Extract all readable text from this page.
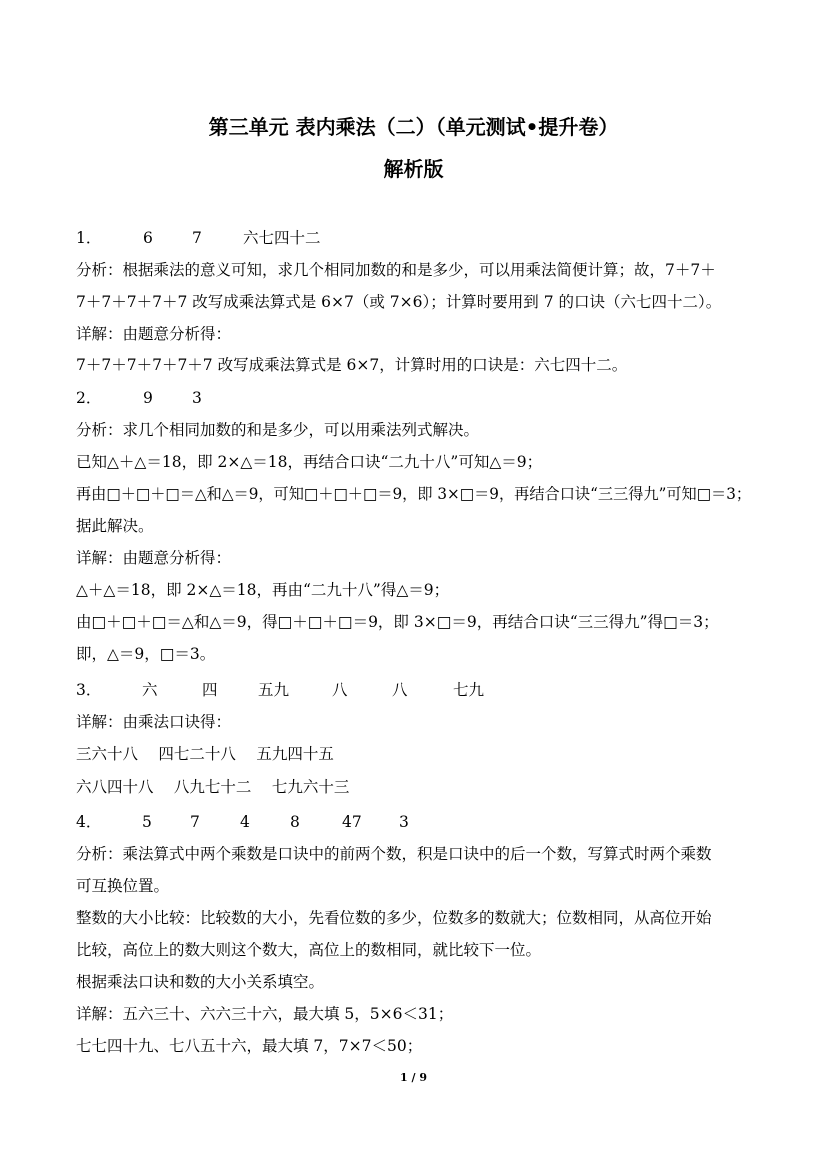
第三单元 表内乘法（二）（单元测试•提升卷）
解析版
1．	6	7	六七四十二

分析：根据乘法的意义可知，求几个相同加数的和是多少，可以用乘法简便计算；故，7＋7＋

7＋7＋7＋7＋7 改写成乘法算式是 6×7（或 7×6）；计算时要用到 7 的口诀（六七四十二）。

详解：由题意分析得：

7＋7＋7＋7＋7＋7 改写成乘法算式是 6×7，计算时用的口诀是：六七四十二。

2．	9	3

分析：求几个相同加数的和是多少，可以用乘法列式解决。

已知△＋△＝18，即 2×△＝18，再结合口诀“二九十八”可知△＝9；

再由□＋□＋□＝△和△＝9，可知□＋□＋□＝9，即 3×□＝9，再结合口诀“三三得九”可知□＝3；

据此解决。

详解：由题意分析得：

△＋△＝18，即 2×△＝18，再由“二九十八”得△＝9；

由□＋□＋□＝△和△＝9，得□＋□＋□＝9，即 3×□＝9，再结合口诀“三三得九”得□＝3；

即，△＝9，□＝3。

3．	六	四	五九	八	八	七九

详解：由乘法口诀得：

三六十八　 四七二十八　 五九四十五

六八四十八　 八九七十二　 七九六十三

4．	5 7	4	8	47 3

分析：乘法算式中两个乘数是口诀中的前两个数，积是口诀中的后一个数，写算式时两个乘数

可互换位置。

整数的大小比较：比较数的大小，先看位数的多少，位数多的数就大；位数相同，从高位开始

比较，高位上的数大则这个数大，高位上的数相同，就比较下一位。

根据乘法口诀和数的大小关系填空。

详解：五六三十、六六三十六，最大填 5，5×6＜31；

七七四十九、七八五十六，最大填 7，7×7＜50；

1 / 9
